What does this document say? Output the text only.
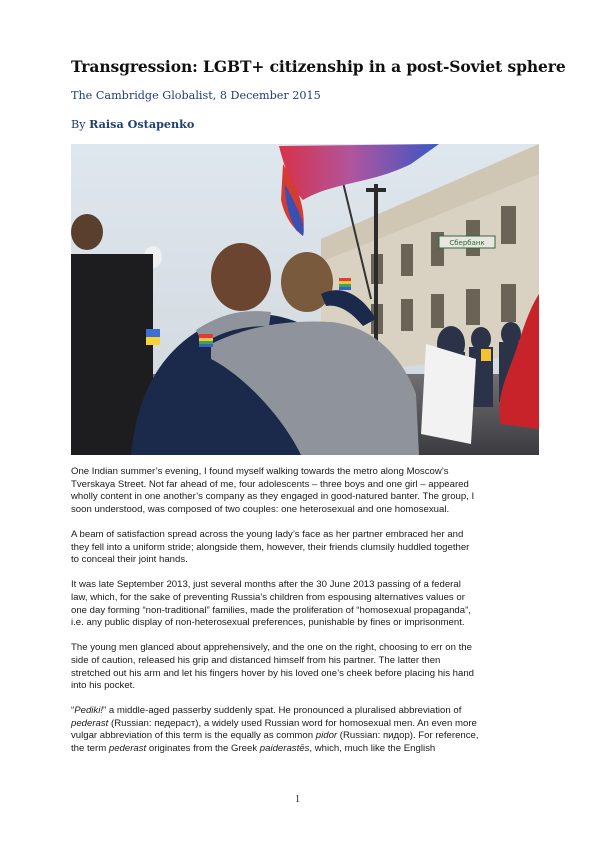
Transgression: LGBT+ citizenship in a post-Soviet sphere
The Cambridge Globalist, 8 December 2015
By Raisa Ostapenko
Сбербанк

One Indian summer’s evening, I found myself walking towards the metro along Moscow’s
Tverskaya Street. Not far ahead of me, four adolescents – three boys and one girl – appeared
wholly content in one another’s company as they engaged in good-natured banter. The group, I
soon understood, was composed of two couples: one heterosexual and one homosexual.

A beam of satisfaction spread across the young lady’s face as her partner embraced her and
they fell into a uniform stride; alongside them, however, their friends clumsily huddled together
to conceal their joint hands.

It was late September 2013, just several months after the 30 June 2013 passing of a federal
law, which, for the sake of preventing Russia’s children from espousing alternatives values or
one day forming “non-traditional” families, made the proliferation of “homosexual propaganda”,
i.e. any public display of non-heterosexual preferences, punishable by fines or imprisonment.

The young men glanced about apprehensively, and the one on the right, choosing to err on the
side of caution, released his grip and distanced himself from his partner. The latter then
stretched out his arm and let his fingers hover by his loved one’s cheek before placing his hand
into his pocket.

“Pediki!” a middle-aged passerby suddenly spat. He pronounced a pluralised abbreviation of
pederast (Russian: педераст), a widely used Russian word for homosexual men. An even more
vulgar abbreviation of this term is the equally as common pidor (Russian: пидор). For reference,
the term pederast originates from the Greek paiderastēs, which, much like the English

1
